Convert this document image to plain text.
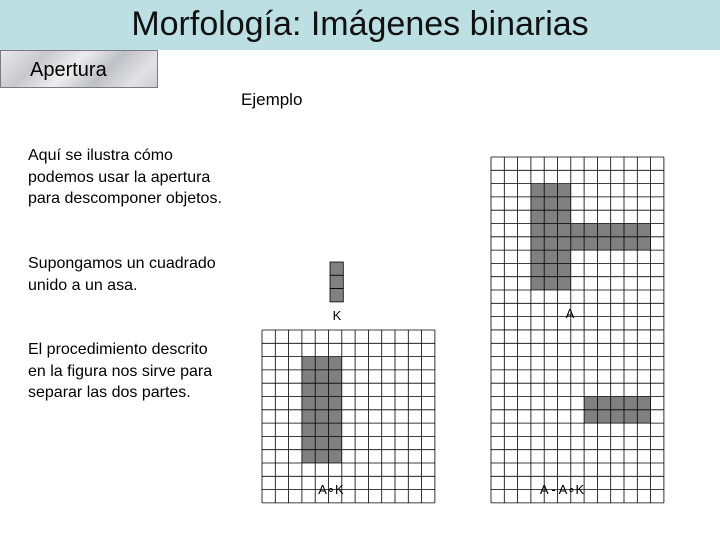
Morfología: Imágenes binarias
Apertura
Ejemplo

Aquí se ilustra cómo podemos usar la apertura para descomponer objetos.

Supongamos un cuadrado unido a un asa.

El procedimiento descrito en la figura nos sirve para separar las dos partes.

A
A∘K	A - A∘K
K
